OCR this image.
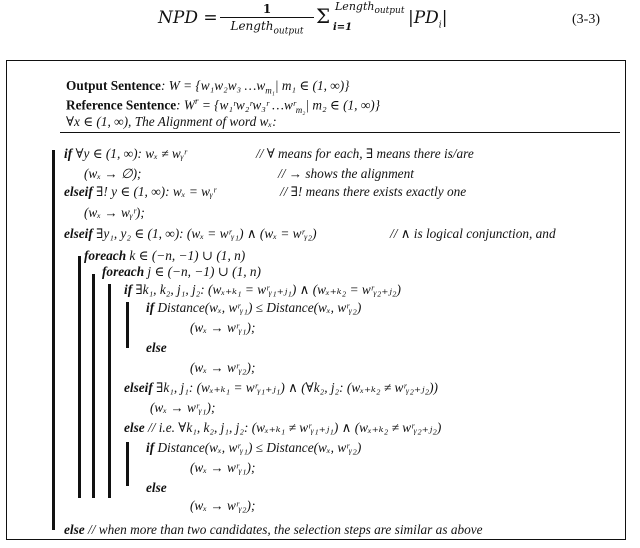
NPD =	1
Length$_{output}$
Σ i=1
Length$_{output}$ $|PD_i|$	(3-3)
Output Sentence: W = {w₁w₂w₃ $\dots w_{m_1}|$ m₁ ∈ (1, ∞)}
Reference Sentence: $W^r$ = {w₁ʳw₂ʳw₃ʳ …wʳ$_{m_2}$| m₂ ∈ (1, ∞)}
∀x ∈ (1, ∞), The Alignment of word wₓ:
if ∀y ∈ (1, ∞): wₓ ≠ wᵧʳ	// ∀ means for each, ∃ means there is/are
(wₓ → ∅);	// → shows the alignment
elseif ∃! y ∈ (1, ∞): wₓ = wᵧʳ	// ∃! means there exists exactly one
(wₓ → wᵧʳ);
elseif ∃y₁, y₂ ∈ (1, ∞): (wₓ = wʳᵧ₁) ∧ (wₓ = wʳᵧ₂)	// ∧ is logical conjunction, and
foreach k ∈ (−n, −1) ∪ (1, n)
foreach j ∈ (−n, −1) ∪ (1, n)
if ∃k₁, k₂, j₁, j₂: (wₓ₊ₖ₁ = wʳᵧ₁₊ⱼ₁) ∧ (wₓ₊ₖ₂ = wʳᵧ₂₊ⱼ₂)
if Distance(wₓ, wʳᵧ₁) ≤ Distance(wₓ, wʳᵧ₂)
(wₓ → wʳᵧ₁);
else
(wₓ → wʳᵧ₂);
elseif ∃k₁, j₁: (wₓ₊ₖ₁ = wʳᵧ₁₊ⱼ₁) ∧ (∀k₂, j₂: (wₓ₊ₖ₂ ≠ wʳᵧ₂₊ⱼ₂))
(wₓ → wʳᵧ₁);
else // i.e. ∀k₁, k₂, j₁, j₂: (wₓ₊ₖ₁ ≠ wʳᵧ₁₊ⱼ₁) ∧ (wₓ₊ₖ₂ ≠ wʳᵧ₂₊ⱼ₂)
if Distance(wₓ, wʳᵧ₁) ≤ Distance(wₓ, wʳᵧ₂)
(wₓ → wʳᵧ₁);
else
(wₓ → wʳᵧ₂);
else // when more than two candidates, the selection steps are similar as above
